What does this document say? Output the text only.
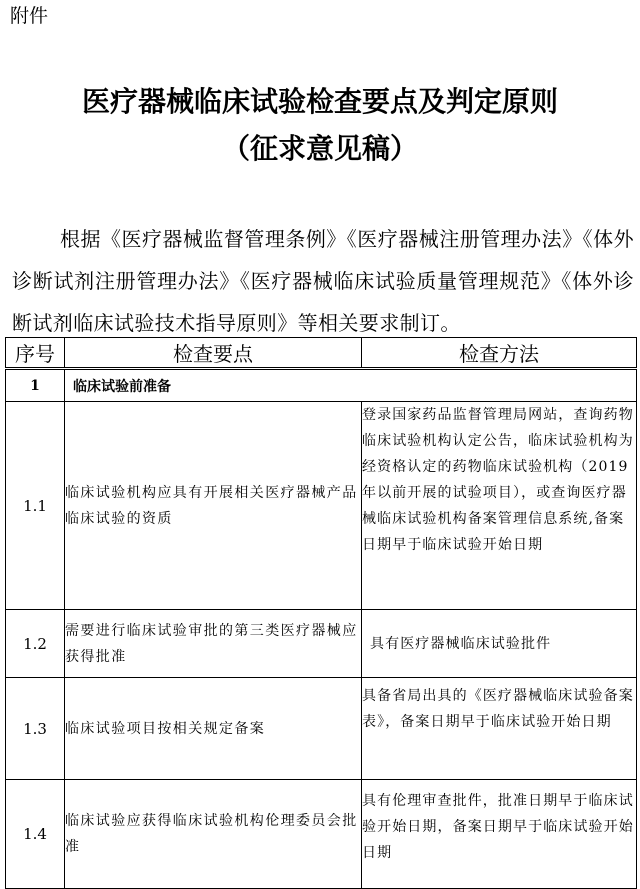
附件
医疗器械临床试验检查要点及判定原则
（征求意见稿）
根据《医疗器械监督管理条例》《医疗器械注册管理办法》《体外诊断试剂注册管理办法》《医疗器械临床试验质量管理规范》《体外诊断试剂临床试验技术指导原则》等相关要求制订。
序号	检查要点	检查方法
1	临床试验前准备	
1.1	临床试验机构应具有开展相关医疗器械产品临床试验的资质	登录国家药品监督管理局网站，查询药物临床试验机构认定公告，临床试验机构为经资格认定的药物临床试验机构（2019 年以前开展的试验项目），或查询医疗器械临床试验机构备案管理信息系统,备案日期早于临床试验开始日期
1.2	需要进行临床试验审批的第三类医疗器械应获得批准	具有医疗器械临床试验批件
1.3	临床试验项目按相关规定备案	具备省局出具的《医疗器械临床试验备案表》，备案日期早于临床试验开始日期
1.4	临床试验应获得临床试验机构伦理委员会批准	具有伦理审查批件，批准日期早于临床试验开始日期，备案日期早于临床试验开始日期
